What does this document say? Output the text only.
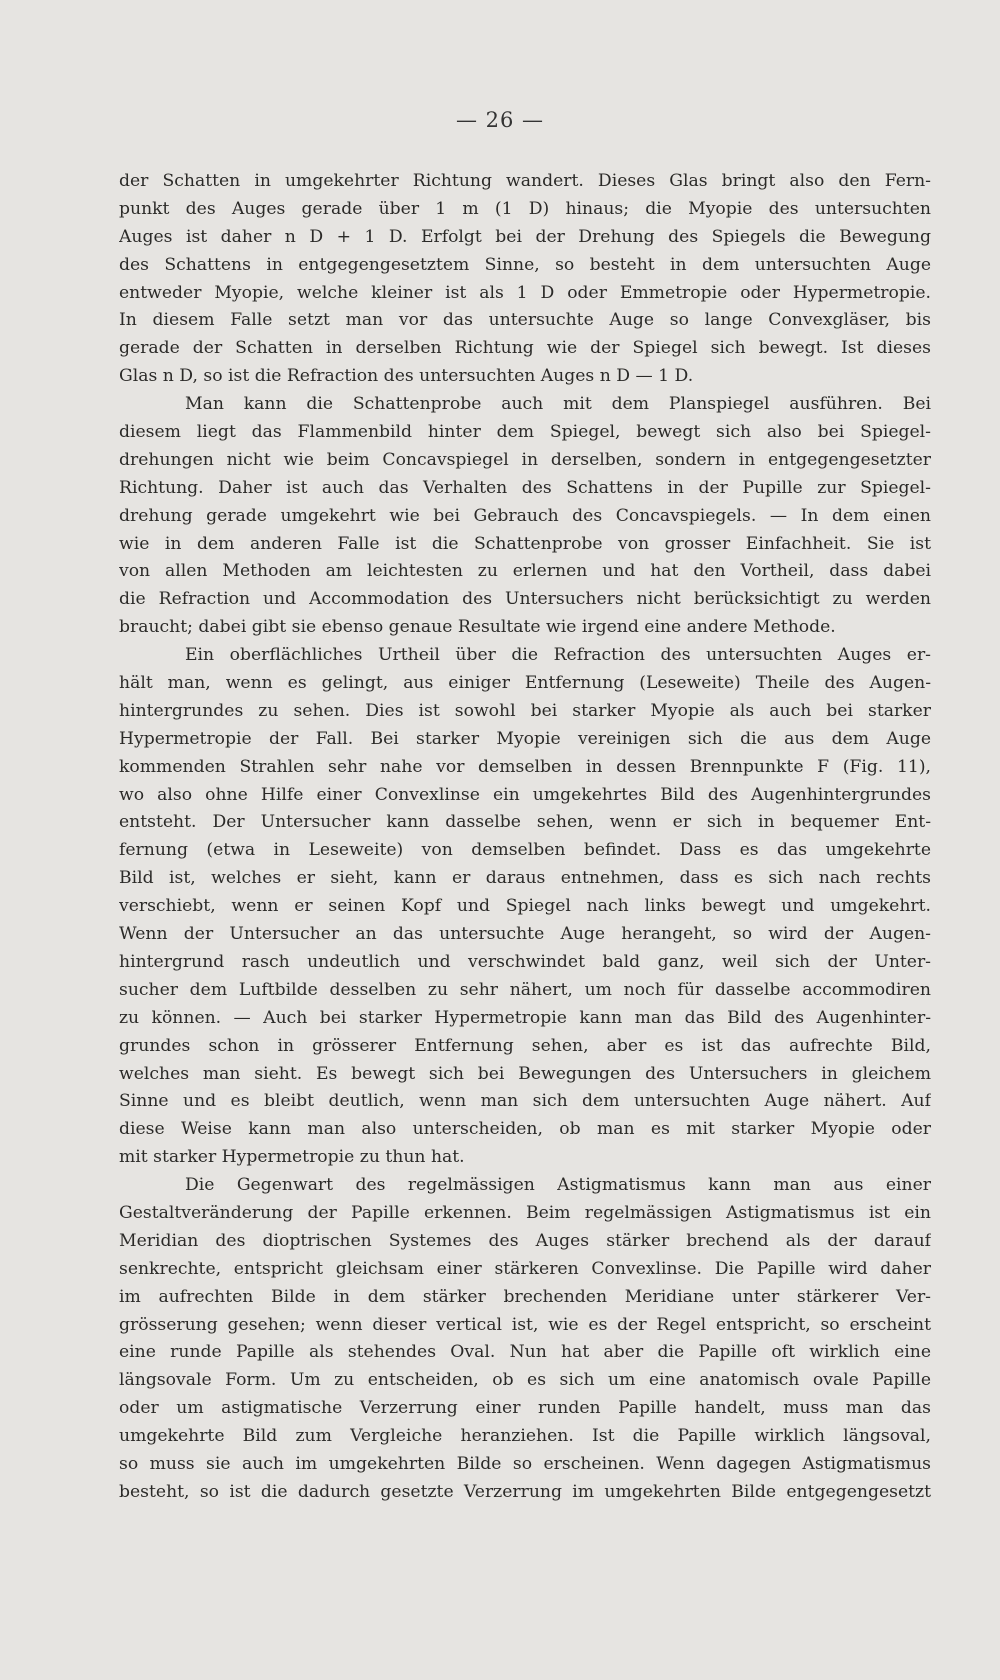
— 26 —
der Schatten in umgekehrter Richtung wandert. Dieses Glas bringt also den Fern-
punkt des Auges gerade über 1 m (1 D) hinaus; die Myopie des untersuchten
Auges ist daher n D + 1 D. Erfolgt bei der Drehung des Spiegels die Bewegung
des Schattens in entgegengesetztem Sinne, so besteht in dem untersuchten Auge
entweder Myopie, welche kleiner ist als 1 D oder Emmetropie oder Hypermetropie.
In diesem Falle setzt man vor das untersuchte Auge so lange Convexgläser, bis
gerade der Schatten in derselben Richtung wie der Spiegel sich bewegt. Ist dieses
Glas n D, so ist die Refraction des untersuchten Auges n D — 1 D.
Man kann die Schattenprobe auch mit dem Planspiegel ausführen. Bei
diesem liegt das Flammenbild hinter dem Spiegel, bewegt sich also bei Spiegel-
drehungen nicht wie beim Concavspiegel in derselben, sondern in entgegengesetzter
Richtung. Daher ist auch das Verhalten des Schattens in der Pupille zur Spiegel-
drehung gerade umgekehrt wie bei Gebrauch des Concavspiegels. — In dem einen
wie in dem anderen Falle ist die Schattenprobe von grosser Einfachheit. Sie ist
von allen Methoden am leichtesten zu erlernen und hat den Vortheil, dass dabei
die Refraction und Accommodation des Untersuchers nicht berücksichtigt zu werden
braucht; dabei gibt sie ebenso genaue Resultate wie irgend eine andere Methode.
Ein oberflächliches Urtheil über die Refraction des untersuchten Auges er-
hält man, wenn es gelingt, aus einiger Entfernung (Leseweite) Theile des Augen-
hintergrundes zu sehen. Dies ist sowohl bei starker Myopie als auch bei starker
Hypermetropie der Fall. Bei starker Myopie vereinigen sich die aus dem Auge
kommenden Strahlen sehr nahe vor demselben in dessen Brennpunkte F (Fig. 11),
wo also ohne Hilfe einer Convexlinse ein umgekehrtes Bild des Augenhintergrundes
entsteht. Der Untersucher kann dasselbe sehen, wenn er sich in bequemer Ent-
fernung (etwa in Leseweite) von demselben befindet. Dass es das umgekehrte
Bild ist, welches er sieht, kann er daraus entnehmen, dass es sich nach rechts
verschiebt, wenn er seinen Kopf und Spiegel nach links bewegt und umgekehrt.
Wenn der Untersucher an das untersuchte Auge herangeht, so wird der Augen-
hintergrund rasch undeutlich und verschwindet bald ganz, weil sich der Unter-
sucher dem Luftbilde desselben zu sehr nähert, um noch für dasselbe accommodiren
zu können. — Auch bei starker Hypermetropie kann man das Bild des Augenhinter-
grundes schon in grösserer Entfernung sehen, aber es ist das aufrechte Bild,
welches man sieht. Es bewegt sich bei Bewegungen des Untersuchers in gleichem
Sinne und es bleibt deutlich, wenn man sich dem untersuchten Auge nähert. Auf
diese Weise kann man also unterscheiden, ob man es mit starker Myopie oder
mit starker Hypermetropie zu thun hat.
Die Gegenwart des regelmässigen Astigmatismus kann man aus einer
Gestaltveränderung der Papille erkennen. Beim regelmässigen Astigmatismus ist ein
Meridian des dioptrischen Systemes des Auges stärker brechend als der darauf
senkrechte, entspricht gleichsam einer stärkeren Convexlinse. Die Papille wird daher
im aufrechten Bilde in dem stärker brechenden Meridiane unter stärkerer Ver-
grösserung gesehen; wenn dieser vertical ist, wie es der Regel entspricht, so erscheint
eine runde Papille als stehendes Oval. Nun hat aber die Papille oft wirklich eine
längsovale Form. Um zu entscheiden, ob es sich um eine anatomisch ovale Papille
oder um astigmatische Verzerrung einer runden Papille handelt, muss man das
umgekehrte Bild zum Vergleiche heranziehen. Ist die Papille wirklich längsoval,
so muss sie auch im umgekehrten Bilde so erscheinen. Wenn dagegen Astigmatismus
besteht, so ist die dadurch gesetzte Verzerrung im umgekehrten Bilde entgegengesetzt
